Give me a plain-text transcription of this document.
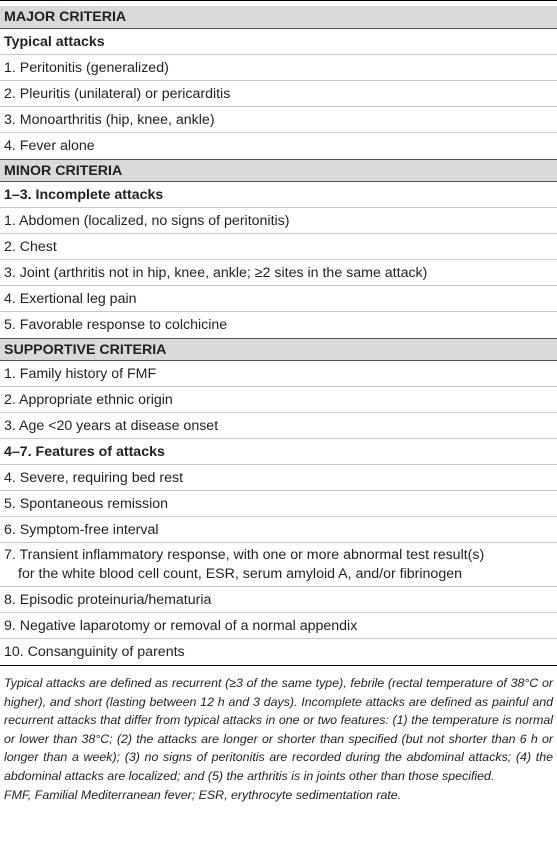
MAJOR CRITERIA
Typical attacks
1. Peritonitis (generalized)
2. Pleuritis (unilateral) or pericarditis
3. Monoarthritis (hip, knee, ankle)
4. Fever alone
MINOR CRITERIA
1–3. Incomplete attacks
1. Abdomen (localized, no signs of peritonitis)
2. Chest
3. Joint (arthritis not in hip, knee, ankle; ≥2 sites in the same attack)
4. Exertional leg pain
5. Favorable response to colchicine
SUPPORTIVE CRITERIA
1. Family history of FMF
2. Appropriate ethnic origin
3. Age <20 years at disease onset
4–7. Features of attacks
4. Severe, requiring bed rest
5. Spontaneous remission
6. Symptom-free interval
7. Transient inflammatory response, with one or more abnormal test result(s)
for the white blood cell count, ESR, serum amyloid A, and/or fibrinogen
8. Episodic proteinuria/hematuria
9. Negative laparotomy or removal of a normal appendix
10. Consanguinity of parents

Typical attacks are defined as recurrent (≥3 of the same type), febrile (rectal temperature of 38°C or higher), and short (lasting between 12 h and 3 days). Incomplete attacks are defined as painful and recurrent attacks that differ from typical attacks in one or two features: (1) the temperature is normal or lower than 38°C; (2) the attacks are longer or shorter than specified (but not shorter than 6 h or longer than a week); (3) no signs of peritonitis are recorded during the abdominal attacks; (4) the abdominal attacks are localized; and (5) the arthritis is in joints other than those specified.

FMF, Familial Mediterranean fever; ESR, erythrocyte sedimentation rate.
